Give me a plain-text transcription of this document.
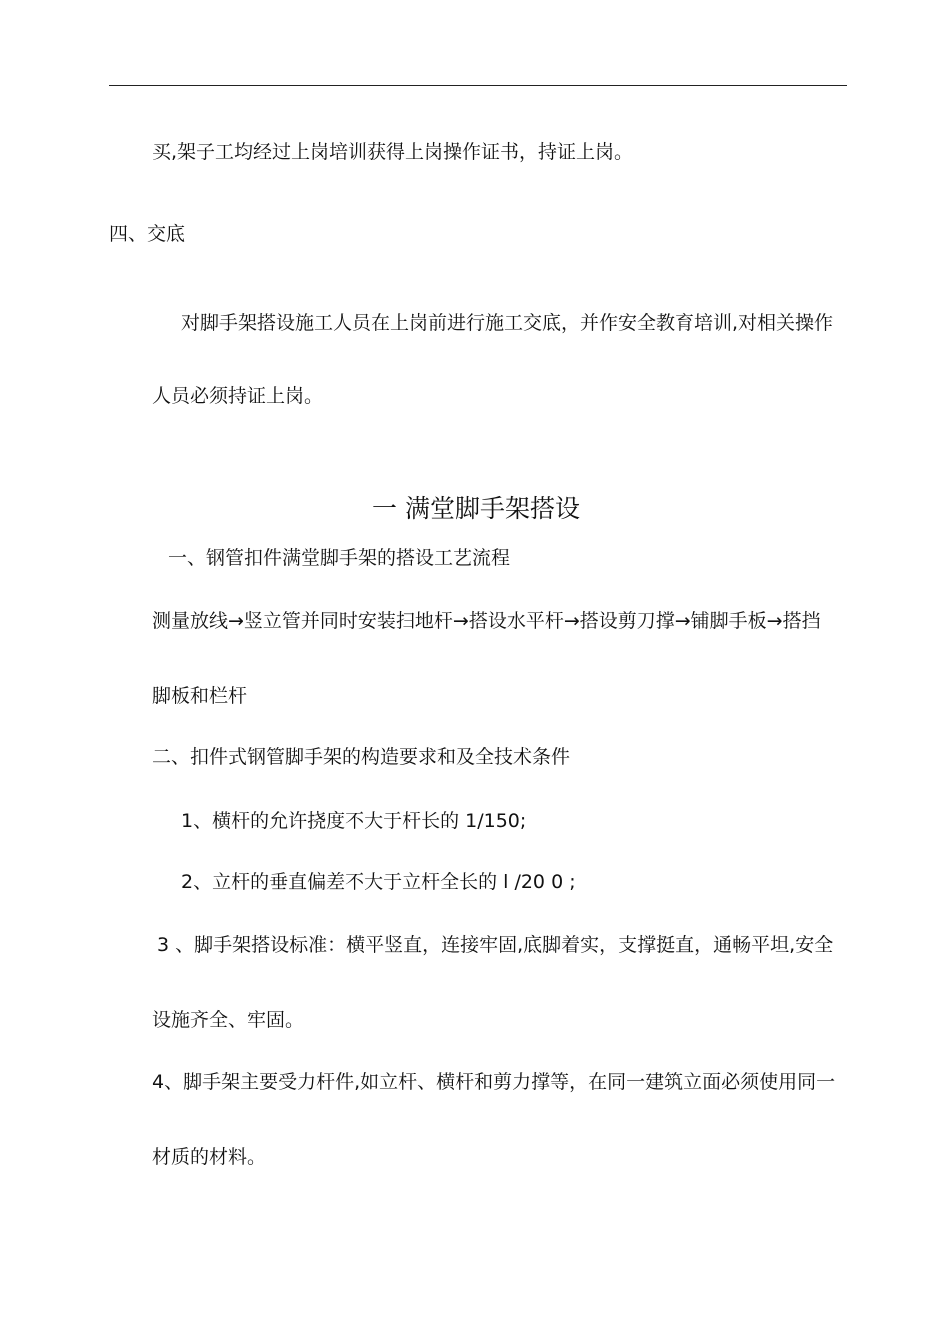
买,架子工均经过上岗培训获得上岗操作证书，持证上岗。
四、交底
对脚手架搭设施工人员在上岗前进行施工交底，并作安全教育培训,对相关操作
人员必须持证上岗。
一 满堂脚手架搭设
一、钢管扣件满堂脚手架的搭设工艺流程
测量放线→竖立管并同时安装扫地杆→搭设水平杆→搭设剪刀撑→铺脚手板→搭挡
脚板和栏杆
二、扣件式钢管脚手架的构造要求和及全技术条件
1、横杆的允许挠度不大于杆长的 1/150;
2、立杆的垂直偏差不大于立杆全长的 l /20 0 ;
3 、脚手架搭设标准：横平竖直，连接牢固,底脚着实，支撑挺直，通畅平坦,安全
设施齐全、牢固。
4、脚手架主要受力杆件,如立杆、横杆和剪力撑等，在同一建筑立面必须使用同一
材质的材料。
